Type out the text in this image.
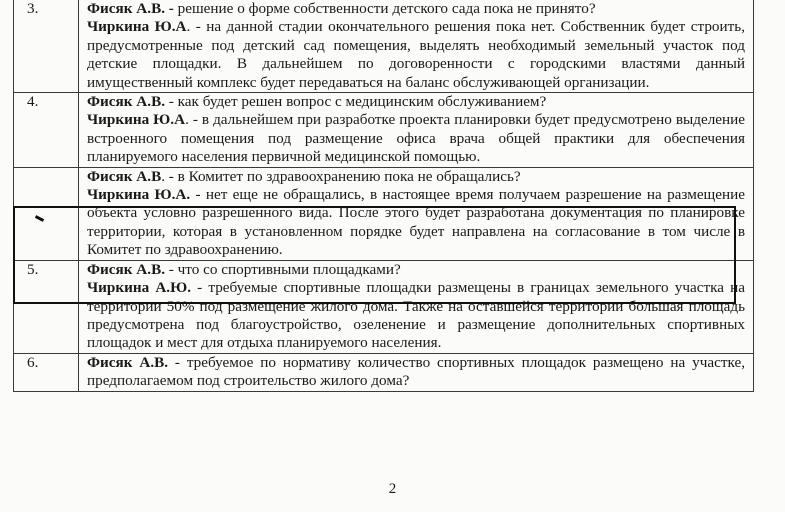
3.	Фисяк А.В. - решение о форме собственности детского сада пока не принято?

Чиркина Ю.А. - на данной стадии окончательного решения пока нет. Собственник будет строить, предусмотренные под детский сад помещения, выделять необходимый земельный участок под детские площадки. В дальнейшем по договоренности с городскими властями данный имущественный комплекс будет передаваться на баланс обслуживающей организации.

4.	Фисяк А.В. - как будет решен вопрос с медицинским обслуживанием?

Чиркина Ю.А. - в дальнейшем при разработке проекта планировки будет предусмотрено выделение встроенного помещения под размещение офиса врача общей практики для обеспечения планируемого населения первичной медицинской помощью.

	Фисяк А.В. - в Комитет по здравоохранению пока не обращались?

Чиркина Ю.А. - нет еще не обращались, в настоящее время получаем разрешение на размещение объекта условно разрешенного вида. После этого будет разработана документация по планировке территории, которая в установленном порядке будет направлена на согласование в том числе в Комитет по здравоохранению.

5.	Фисяк А.В. - что со спортивными площадками?

Чиркина А.Ю. - требуемые спортивные площадки размещены в границах земельного участка на территории 50% под размещение жилого дома. Также на оставшейся территории большая площадь предусмотрена под благоустройство, озеленение и размещение дополнительных спортивных площадок и мест для отдыха планируемого населения.

6.	Фисяк А.В. - требуемое по нормативу количество спортивных площадок размещено на участке, предполагаемом под строительство жилого дома?

2
